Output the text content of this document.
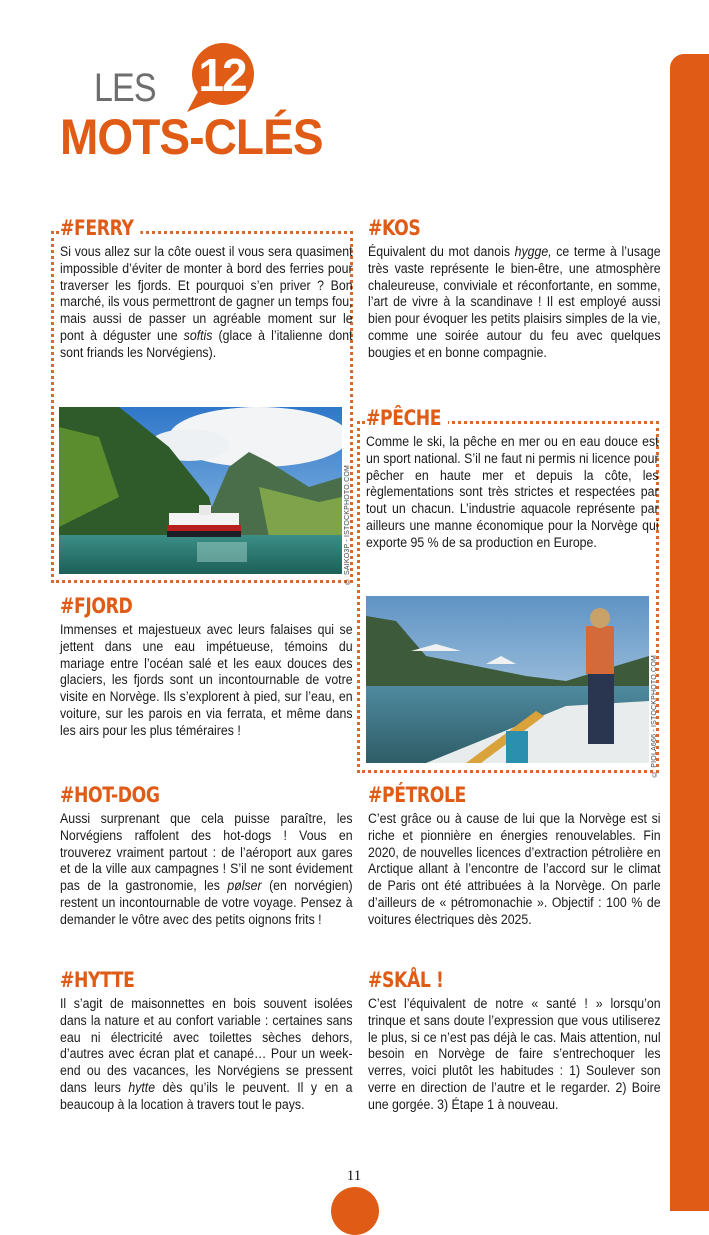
LES 12
MOTS-CLÉS
#FERRY
Si vous allez sur la côte ouest il vous sera quasiment impossible d’éviter de monter à bord des ferries pour traverser les fjords. Et pourquoi s’en priver ? Bon marché, ils vous permettront de gagner un temps fou, mais aussi de passer un agréable moment sur le pont à déguster une softis (glace à l’italienne dont sont friands les Norvégiens).
© SAIKO3P - ISTOCKPHOTO.COM
#KOS
Équivalent du mot danois hygge, ce terme à l’usage très vaste représente le bien-être, une atmosphère chaleureuse, conviviale et réconfortante, en somme, l’art de vivre à la scandinave ! Il est employé aussi bien pour évoquer les petits plaisirs simples de la vie, comme une soirée autour du feu avec quelques bougies et en bonne compagnie.
#PÊCHE
Comme le ski, la pêche en mer ou en eau douce est un sport national. S’il ne faut ni permis ni licence pour pêcher en haute mer et depuis la côte, les règlementations sont très strictes et respectées par tout un chacun. L’industrie aquacole représente par ailleurs une manne économique pour la Norvège qui exporte 95 % de sa production en Europe.
© PIOLA666 - ISTOCKPHOTO.COM
#FJORD
Immenses et majestueux avec leurs falaises qui se jettent dans une eau impétueuse, témoins du mariage entre l’océan salé et les eaux douces des glaciers, les fjords sont un incontournable de votre visite en Norvège. Ils s’explorent à pied, sur l’eau, en voiture, sur les parois en via ferrata, et même dans les airs pour les plus téméraires !
#HOT-DOG
Aussi surprenant que cela puisse paraître, les Norvégiens raffolent des hot-dogs ! Vous en trouverez vraiment partout : de l’aéroport aux gares et de la ville aux campagnes ! S’il ne sont évidement pas de la gastronomie, les pølser (en norvégien) restent un incontournable de votre voyage. Pensez à demander le vôtre avec des petits oignons frits !
#PÉTROLE
C’est grâce ou à cause de lui que la Norvège est si riche et pionnière en énergies renouvelables. Fin 2020, de nouvelles licences d’extraction pétrolière en Arctique allant à l’encontre de l’accord sur le climat de Paris ont été attribuées à la Norvège. On parle d’ailleurs de « pétromonachie ». Objectif : 100 % de voitures électriques dès 2025.
#HYTTE
Il s’agit de maisonnettes en bois souvent isolées dans la nature et au confort variable : certaines sans eau ni électricité avec toilettes sèches dehors, d’autres avec écran plat et canapé… Pour un week-end ou des vacances, les Norvégiens se pressent dans leurs hytte dès qu’ils le peuvent. Il y en a beaucoup à la location à travers tout le pays.
#SKÅL !
C’est l’équivalent de notre « santé ! » lorsqu’on trinque et sans doute l’expression que vous utiliserez le plus, si ce n’est pas déjà le cas. Mais attention, nul besoin en Norvège de faire s’entrechoquer les verres, voici plutôt les habitudes : 1) Soulever son verre en direction de l’autre et le regarder. 2) Boire une gorgée. 3) Étape 1 à nouveau.
11
